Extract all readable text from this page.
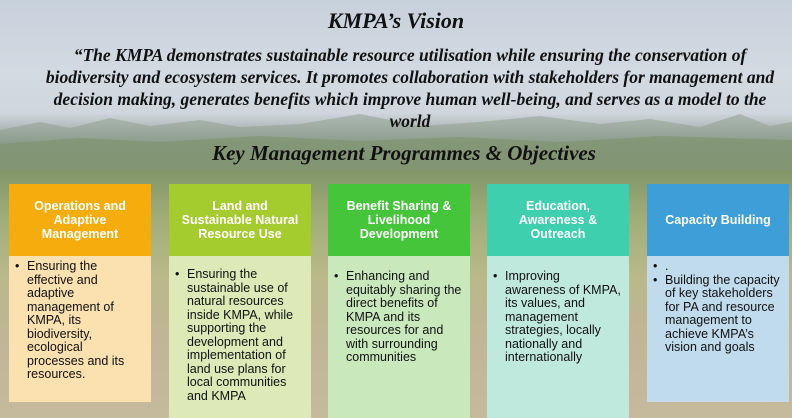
KMPA’s Vision
“The KMPA demonstrates sustainable resource utilisation while ensuring the conservation of biodiversity and ecosystem services. It promotes collaboration with stakeholders for management and decision making, generates benefits which improve human well-being, and serves as a model to the world
Key Management Programmes & Objectives
Operations and Adaptive Management
• Ensuring the effective and adaptive management of KMPA, its biodiversity, ecological processes and its resources.
Land and Sustainable Natural Resource Use
• Ensuring the sustainable use of natural resources inside KMPA, while supporting the development and implementation of land use plans for local communities and KMPA
Benefit Sharing & Livelihood Development
• Enhancing and equitably sharing the direct benefits of KMPA and its resources for and with surrounding communities
Education, Awareness & Outreach
• Improving awareness of KMPA, its values, and management strategies, locally nationally and internationally
Capacity Building
• .
• Building the capacity of key stakeholders for PA and resource management to achieve KMPA’s vision and goals
